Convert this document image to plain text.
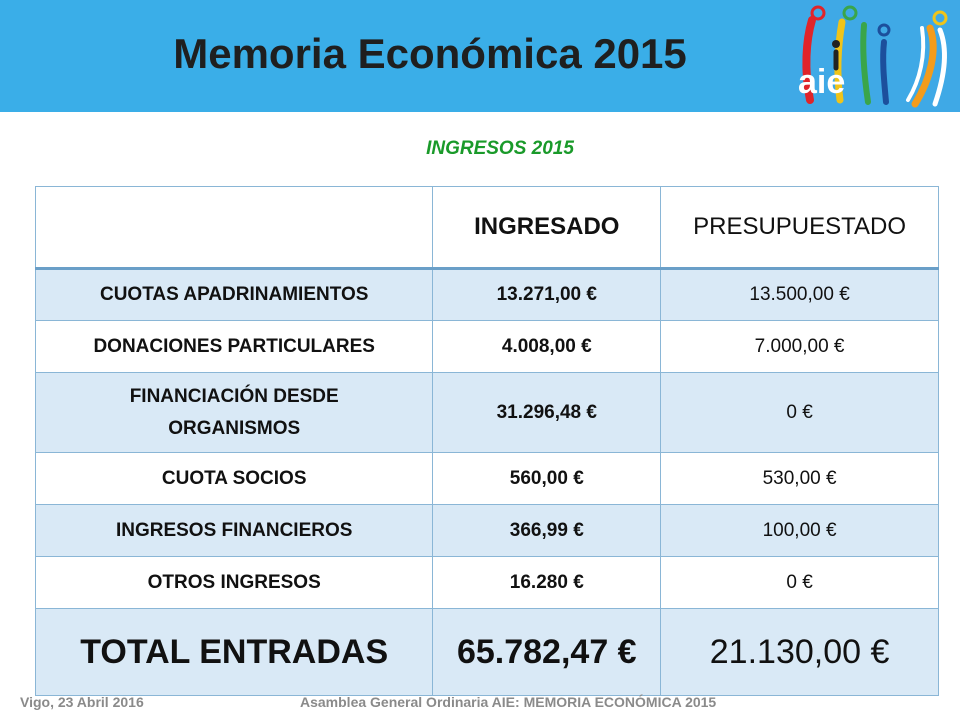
Memoria Económica 2015
aie
INGRESOS 2015
	INGRESADO	PRESUPUESTADO
CUOTAS APADRINAMIENTOS	13.271,00 €	13.500,00 €
DONACIONES PARTICULARES	4.008,00 €	7.000,00 €
FINANCIACIÓN DESDE ORGANISMOS	31.296,48 €	0 €
CUOTA SOCIOS	560,00 €	530,00 €
INGRESOS FINANCIEROS	366,99 €	100,00 €
OTROS INGRESOS	16.280 €	0 €
TOTAL ENTRADAS	65.782,47 €	21.130,00 €
Vigo, 23 Abril 2016	Asamblea General Ordinaria AIE: MEMORIA ECONÓMICA 2015
